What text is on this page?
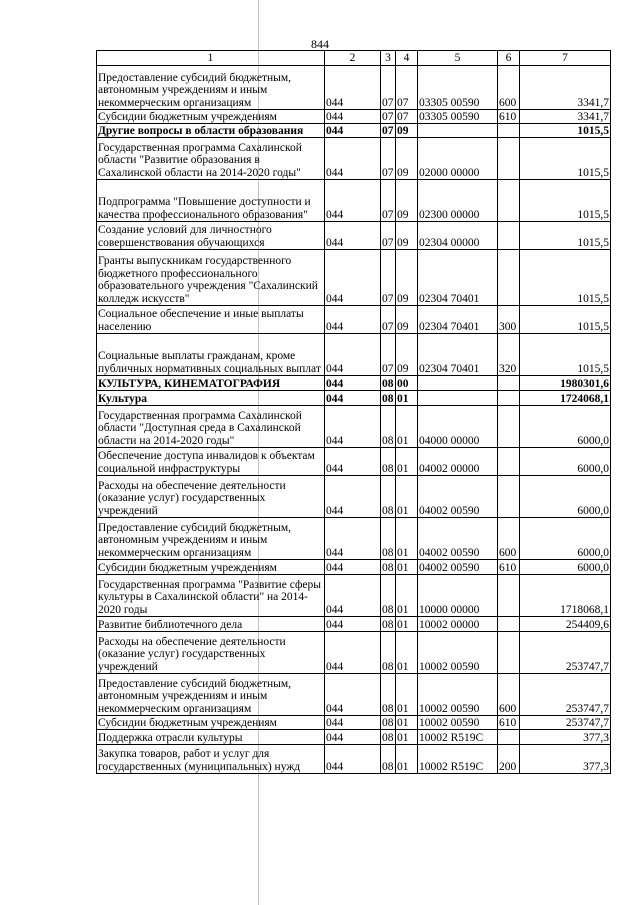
844
1	2	3	4	5	6	7
Предоставление субсидий бюджетным, автономным учреждениям и иным некоммерческим организациям	044	07	07	03305 00590	600	3341,7
Субсидии бюджетным учреждениям	044	07	07	03305 00590	610	3341,7
Другие вопросы в области образования	044	07	09			1015,5
Государственная программа Сахалинской области "Развитие образования в Сахалинской области на 2014-2020 годы"	044	07	09	02000 00000		1015,5
Подпрограмма "Повышение доступности и качества профессионального образования"	044	07	09	02300 00000		1015,5
Создание условий для личностного совершенствования обучающихся	044	07	09	02304 00000		1015,5
Гранты выпускникам государственного бюджетного профессионального образовательного учреждения "Сахалинский колледж искусств"	044	07	09	02304 70401		1015,5
Социальное обеспечение и иные выплаты населению	044	07	09	02304 70401	300	1015,5
Социальные выплаты гражданам, кроме публичных нормативных социальных выплат	044	07	09	02304 70401	320	1015,5
КУЛЬТУРА, КИНЕМАТОГРАФИЯ	044	08	00			1980301,6
Культура	044	08	01			1724068,1
Государственная программа Сахалинской области "Доступная среда в Сахалинской области на 2014-2020 годы"	044	08	01	04000 00000		6000,0
Обеспечение доступа инвалидов к объектам социальной инфраструктуры	044	08	01	04002 00000		6000,0
Расходы на обеспечение деятельности (оказание услуг) государственных учреждений	044	08	01	04002 00590		6000,0
Предоставление субсидий бюджетным, автономным учреждениям и иным некоммерческим организациям	044	08	01	04002 00590	600	6000,0
Субсидии бюджетным учреждениям	044	08	01	04002 00590	610	6000,0
Государственная программа "Развитие сферы культуры в Сахалинской области" на 2014-2020 годы	044	08	01	10000 00000		1718068,1
Развитие библиотечного дела	044	08	01	10002 00000		254409,6
Расходы на обеспечение деятельности (оказание услуг) государственных учреждений	044	08	01	10002 00590		253747,7
Предоставление субсидий бюджетным, автономным учреждениям и иным некоммерческим организациям	044	08	01	10002 00590	600	253747,7
Субсидии бюджетным учреждениям	044	08	01	10002 00590	610	253747,7
Поддержка отрасли культуры	044	08	01	10002 R519C		377,3
Закупка товаров, работ и услуг для государственных (муниципальных) нужд	044	08	01	10002 R519C	200	377,3
